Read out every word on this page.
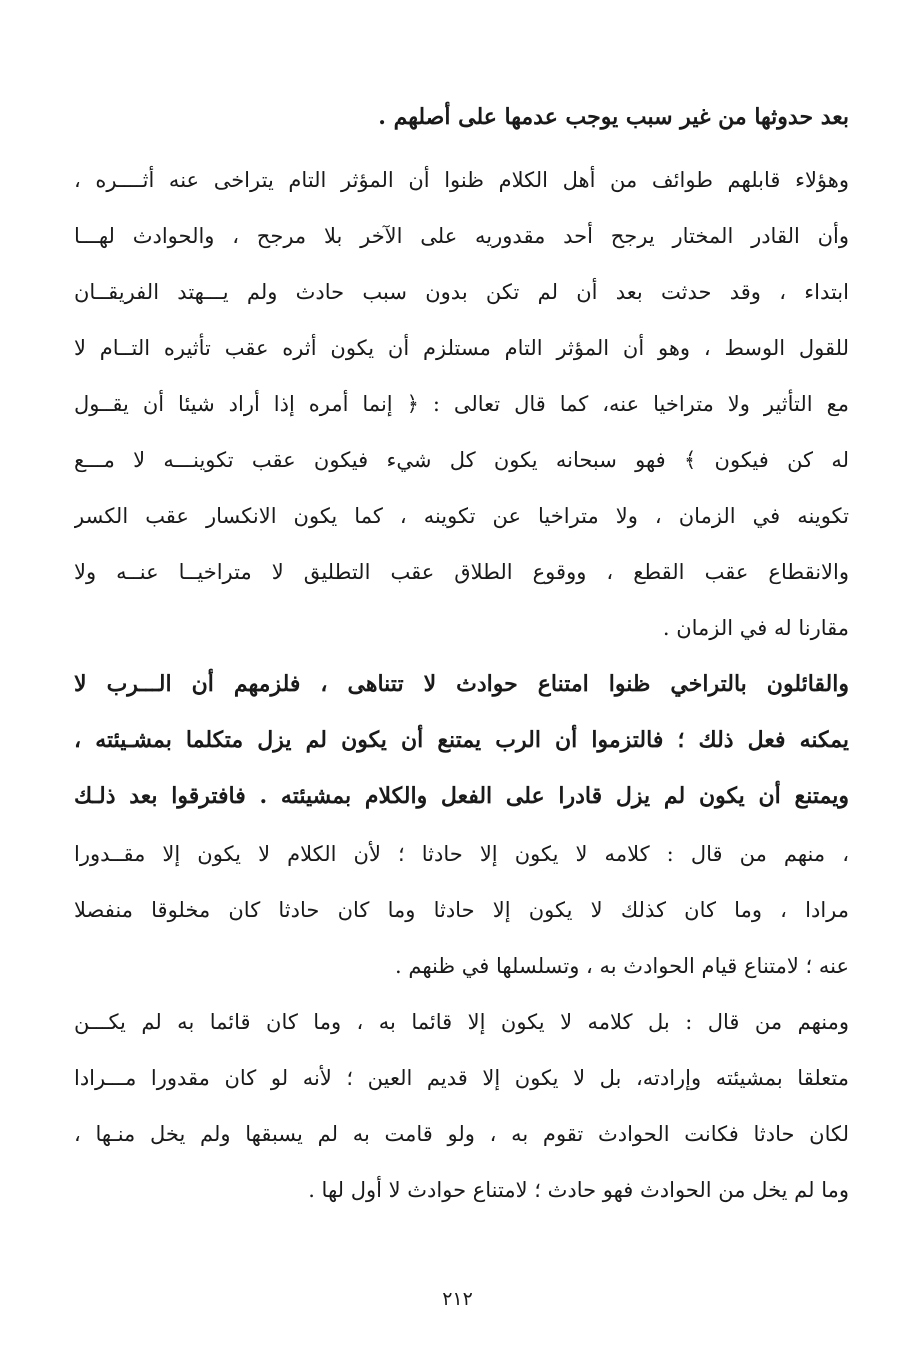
بعد حدوثها من غير سبب يوجب عدمها على أصلهم .
وهؤلاء قابلهم طوائف من أهل الكلام ظنوا أن المؤثر التام يتراخى عنه أثــــره ،
وأن القادر المختار يرجح أحد مقدوريه على الآخر بلا مرجح ، والحوادث لهـــا
ابتداء ، وقد حدثت بعد أن لم تكن بدون سبب حادث ولم يـــهتد الفريقــان
للقول الوسط ، وهو أن المؤثر التام مستلزم أن يكون أثره عقب تأثيره التــام لا
مع التأثير ولا متراخيا عنه، كما قال تعالى : ﴿ إنما أمره إذا أراد شيئا أن يقــول
له كن فيكون ﴾ فهو سبحانه يكون كل شيء فيكون عقب تكوينـــه لا مـــع
تكوينه في الزمان ، ولا متراخيا عن تكوينه ، كما يكون الانكسار عقب الكسر
والانقطاع عقب القطع ، ووقوع الطلاق عقب التطليق لا متراخيــا عنــه ولا
مقارنا له في الزمان .
والقائلون بالتراخي ظنوا امتناع حوادث لا تتناهى ، فلزمهم أن الـــرب لا
يمكنه فعل ذلك ؛ فالتزموا أن الرب يمتنع أن يكون لم يزل متكلما بمشـيئته ،
ويمتنع أن يكون لم يزل قادرا على الفعل والكلام بمشيئته . فافترقوا بعد ذلـك
، منهم من قال : كلامه لا يكون إلا حادثا ؛ لأن الكلام لا يكون إلا مقــدورا
مرادا ، وما كان كذلك لا يكون إلا حادثا وما كان حادثا كان مخلوقا منفصلا
عنه ؛ لامتناع قيام الحوادث به ، وتسلسلها في ظنهم .
ومنهم من قال : بل كلامه لا يكون إلا قائما به ، وما كان قائما به لم يكـــن
متعلقا بمشيئته وإرادته، بل لا يكون إلا قديم العين ؛ لأنه لو كان مقدورا مـــرادا
لكان حادثا فكانت الحوادث تقوم به ، ولو قامت به لم يسبقها ولم يخل منـها ،
وما لم يخل من الحوادث فهو حادث ؛ لامتناع حوادث لا أول لها .
٢١٢
